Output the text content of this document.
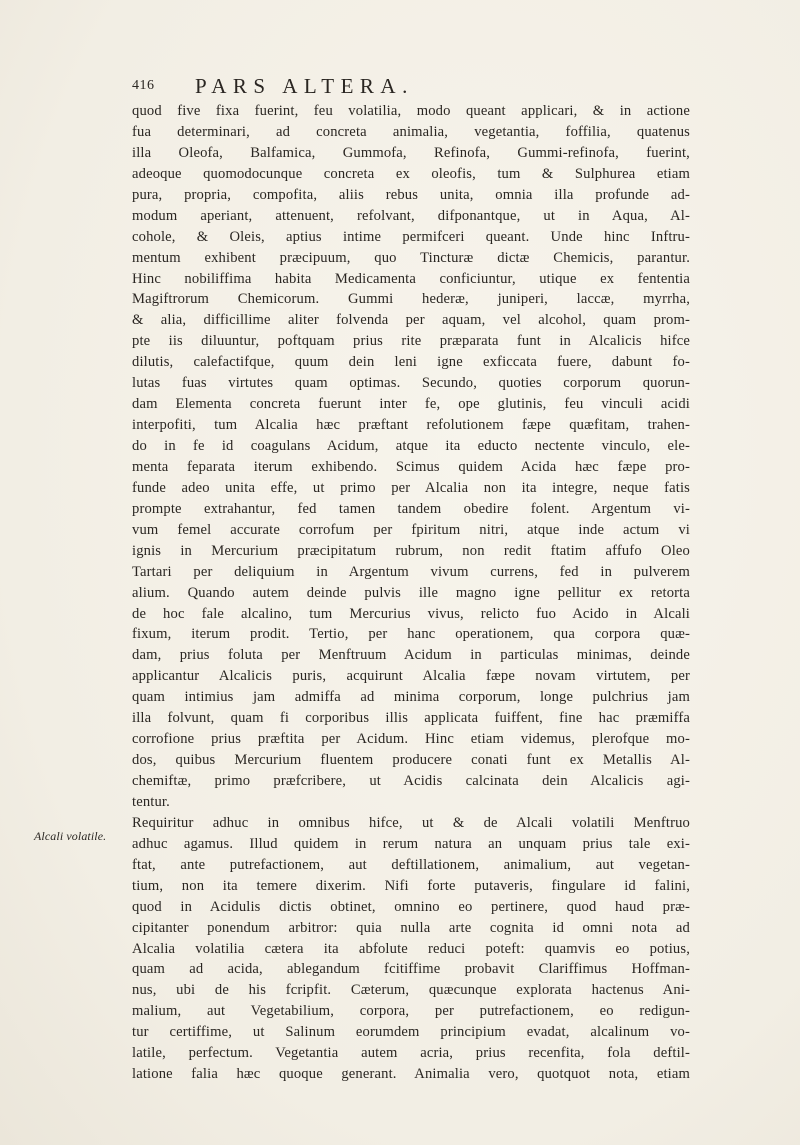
416 PARS ALTERA.
Alcali volatile.
quod five fixa fuerint, feu volatilia, modo queant applicari, & in actione
fua determinari, ad concreta animalia, vegetantia, foffilia, quatenus
illa Oleofa, Balfamica, Gummofa, Refinofa, Gummi-refinofa, fuerint,
adeoque quomodocunque concreta ex oleofis, tum & Sulphurea etiam
pura, propria, compofita, aliis rebus unita, omnia illa profunde ad-
modum aperiant, attenuent, refolvant, difponantque, ut in Aqua, Al-
cohole, & Oleis, aptius intime permifceri queant. Unde hinc Inftru-
mentum exhibent præcipuum, quo Tincturæ dictæ Chemicis, parantur.
Hinc nobiliffima habita Medicamenta conficiuntur, utique ex fententia
Magiftrorum Chemicorum. Gummi hederæ, juniperi, laccæ, myrrha,
& alia, difficillime aliter folvenda per aquam, vel alcohol, quam prom-
pte iis diluuntur, poftquam prius rite præparata funt in Alcalicis hifce
dilutis, calefactifque, quum dein leni igne exficcata fuere, dabunt fo-
lutas fuas virtutes quam optimas. Secundo, quoties corporum quorun-
dam Elementa concreta fuerunt inter fe, ope glutinis, feu vinculi acidi
interpofiti, tum Alcalia hæc præftant refolutionem fæpe quæfitam, trahen-
do in fe id coagulans Acidum, atque ita educto nectente vinculo, ele-
menta feparata iterum exhibendo. Scimus quidem Acida hæc fæpe pro-
funde adeo unita effe, ut primo per Alcalia non ita integre, neque fatis
prompte extrahantur, fed tamen tandem obedire folent. Argentum vi-
vum femel accurate corrofum per fpiritum nitri, atque inde actum vi
ignis in Mercurium præcipitatum rubrum, non redit ftatim affufo Oleo
Tartari per deliquium in Argentum vivum currens, fed in pulverem
alium. Quando autem deinde pulvis ille magno igne pellitur ex retorta
de hoc fale alcalino, tum Mercurius vivus, relicto fuo Acido in Alcali
fixum, iterum prodit. Tertio, per hanc operationem, qua corpora quæ-
dam, prius foluta per Menftruum Acidum in particulas minimas, deinde
applicantur Alcalicis puris, acquirunt Alcalia fæpe novam virtutem, per
quam intimius jam admiffa ad minima corporum, longe pulchrius jam
illa folvunt, quam fi corporibus illis applicata fuiffent, fine hac præmiffa
corrofione prius præftita per Acidum. Hinc etiam videmus, plerofque mo-
dos, quibus Mercurium fluentem producere conati funt ex Metallis Al-
chemiftæ, primo præfcribere, ut Acidis calcinata dein Alcalicis agi-
tentur.
Requiritur adhuc in omnibus hifce, ut & de Alcali volatili Menftruo
adhuc agamus. Illud quidem in rerum natura an unquam prius tale exi-
ftat, ante putrefactionem, aut deftillationem, animalium, aut vegetan-
tium, non ita temere dixerim. Nifi forte putaveris, fingulare id falini,
quod in Acidulis dictis obtinet, omnino eo pertinere, quod haud præ-
cipitanter ponendum arbitror: quia nulla arte cognita id omni nota ad
Alcalia volatilia cætera ita abfolute reduci poteft: quamvis eo potius,
quam ad acida, ablegandum fcitiffime probavit Clariffimus Hoffman-
nus, ubi de his fcripfit. Cæterum, quæcunque explorata hactenus Ani-
malium, aut Vegetabilium, corpora, per putrefactionem, eo redigun-
tur certiffime, ut Salinum eorumdem principium evadat, alcalinum vo-
latile, perfectum. Vegetantia autem acria, prius recenfita, fola deftil-
latione falia hæc quoque generant. Animalia vero, quotquot nota, etiam
